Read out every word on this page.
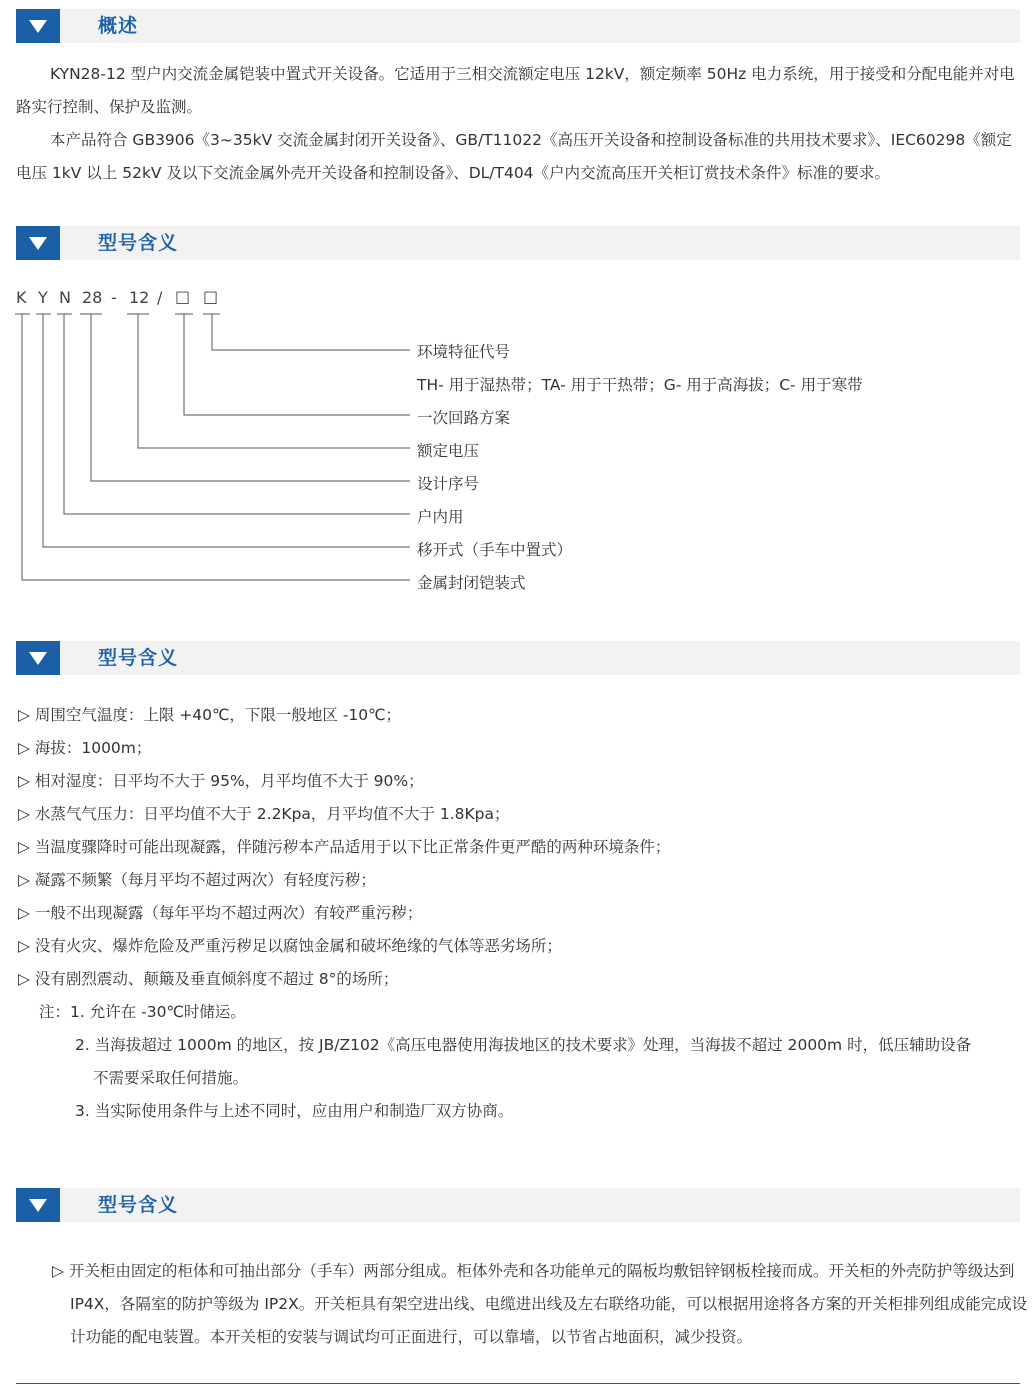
概述
KYN28-12 型户内交流金属铠装中置式开关设备。它适用于三相交流额定电压 12kV，额定频率 50Hz 电力系统，用于接受和分配电能并对电路实行控制、保护及监测。
本产品符合 GB3906《3~35kV 交流金属封闭开关设备》、GB/T11022《高压开关设备和控制设备标准的共用技术要求》、IEC60298《额定电压 1kV 以上 52kV 及以下交流金属外壳开关设备和控制设备》、DL/T404《户内交流高压开关柜订赏技术条件》标准的要求。
型号含义
K Y N 28 - 12 / □ □
环境特征代号
TH- 用于湿热带；TA- 用于干热带；G- 用于高海拔；C- 用于寒带
一次回路方案
额定电压
设计序号
户内用
移开式（手车中置式）
金属封闭铠装式
型号含义
▷ 周围空气温度：上限 +40℃，下限一般地区 -10℃；
▷ 海拔：1000m；
▷ 相对湿度：日平均不大于 95%，月平均值不大于 90%；
▷ 水蒸气气压力：日平均值不大于 2.2Kpa，月平均值不大于 1.8Kpa；
▷ 当温度骤降时可能出现凝露，伴随污秽本产品适用于以下比正常条件更严酷的两种环境条件；
▷ 凝露不频繁（每月平均不超过两次）有轻度污秽；
▷ 一般不出现凝露（每年平均不超过两次）有较严重污秽；
▷ 没有火灾、爆炸危险及严重污秽足以腐蚀金属和破坏绝缘的气体等恶劣场所；
▷ 没有剧烈震动、颠簸及垂直倾斜度不超过 8°的场所；
注：1. 允许在 -30℃时储运。
2. 当海拔超过 1000m 的地区，按 JB/Z102《高压电器使用海拔地区的技术要求》处理，当海拔不超过 2000m 时，低压辅助设备
不需要采取任何措施。
3. 当实际使用条件与上述不同时，应由用户和制造厂双方协商。
型号含义
▷ 开关柜由固定的柜体和可抽出部分（手车）两部分组成。柜体外壳和各功能单元的隔板均敷铝锌钢板栓接而成。开关柜的外壳防护等级达到 IP4X，各隔室的防护等级为 IP2X。开关柜具有架空进出线、电缆进出线及左右联络功能，可以根据用途将各方案的开关柜排列组成能完成设计功能的配电装置。本开关柜的安装与调试均可正面进行，可以靠墙，以节省占地面积，减少投资。
